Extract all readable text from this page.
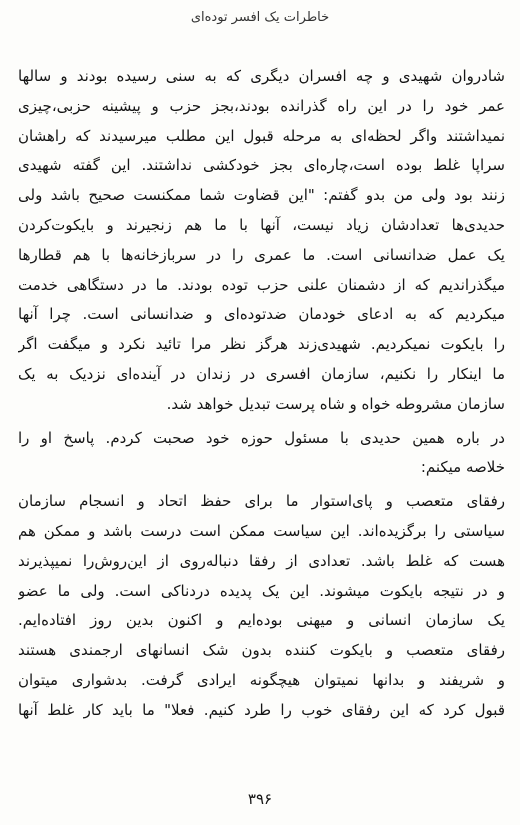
خاطرات یک افسر توده‌ای
شادروان شهیدی و چه افسران دیگری که به سنی رسیده بودند و سالها
عمر خود را در این راه گذرانده بودند،بجز حزب و پیشینه حزبی،چیزی
نمیداشتند واگر لحظه‌ای به مرحله قبول این مطلب میرسیدند که راهشان
سراپا غلط بوده است،چاره‌ای بجز خودکشی نداشتند. این گفته شهیدی
زنند بود ولی من بدو گفتم: "این قضاوت شما ممکنست صحیح باشد ولی
حدیدی‌ها تعدادشان زیاد نیست، آنها با ما هم زنجیرند و بایکوت‌کردن
یک عمل ضدانسانی است. ما عمری را در سربازخانه‌ها با هم قطارها
میگذراندیم که از دشمنان علنی حزب توده بودند. ما در دستگاهی خدمت
میکردیم که به ادعای خودمان ضدتوده‌ای و ضدانسانی است. چرا آنها
را بایکوت نمیکردیم. شهیدی‌زند هرگز نظر مرا تائید نکرد و میگفت اگر
ما اینکار را نکنیم، سازمان افسری در زندان در آینده‌ای نزدیک به یک
سازمان مشروطه خواه و شاه پرست تبدیل خواهد شد.
در باره همین حدیدی با مسئول حوزه خود صحبت کردم. پاسخ او را
خلاصه میکنم:
رفقای متعصب و پای‌استوار ما برای حفظ اتحاد و انسجام سازمان
سیاستی را برگزیده‌اند. این سیاست ممکن است درست باشد و ممکن هم
هست که غلط باشد. تعدادی از رفقا دنباله‌روی از این‌روش‌را نمیپذیرند
و در نتیجه بایکوت میشوند. این یک پدیده دردناکی است. ولی ما عضو
یک سازمان انسانی و میهنی بوده‌ایم و اکنون بدین روز افتاده‌ایم.
رفقای متعصب و بایکوت کننده بدون شک انسانهای ارجمندی هستند
و شریفند و بدانها نمیتوان هیچگونه ایرادی گرفت. بدشواری میتوان
قبول کرد که این رفقای خوب را طرد کنیم. فعلا" ما باید کار غلط آنها
۳۹۶
